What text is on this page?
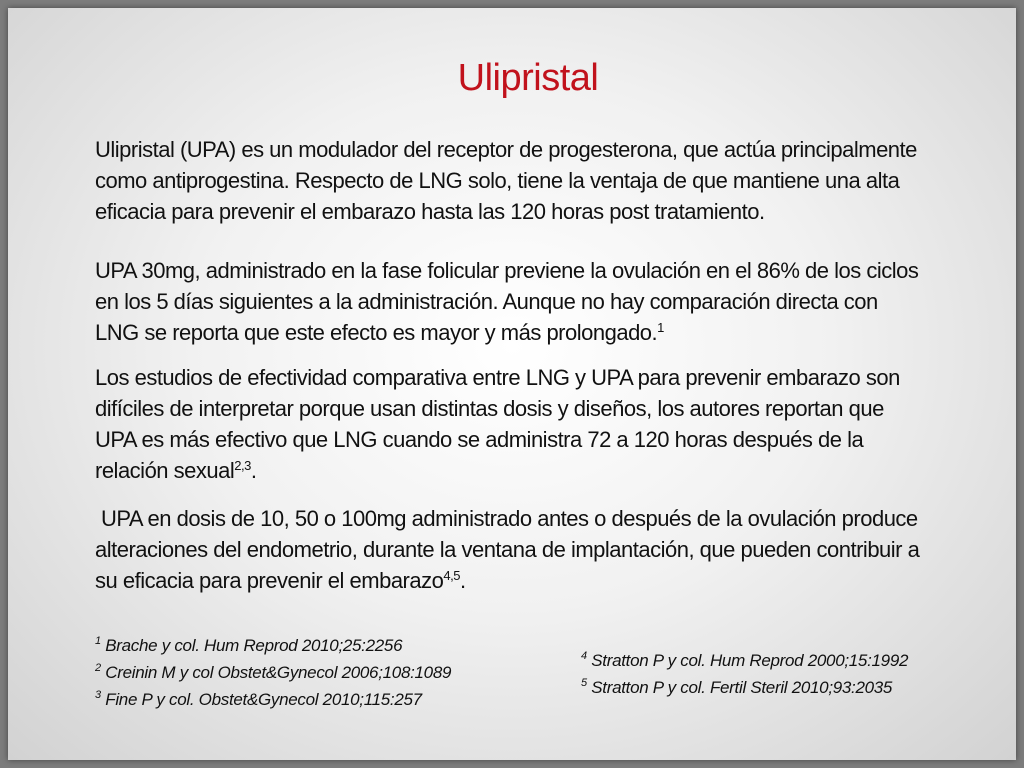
Ulipristal

Ulipristal (UPA) es un modulador del receptor de progesterona, que actúa principalmente
como antiprogestina. Respecto de LNG solo, tiene la ventaja de que mantiene una alta
eficacia para prevenir el embarazo hasta las 120 horas post tratamiento.

UPA 30mg, administrado en la fase folicular previene la ovulación en el 86% de los ciclos
en los 5 días siguientes a la administración. Aunque no hay comparación directa con
LNG se reporta que este efecto es mayor y más prolongado.$^1$

Los estudios de efectividad comparativa entre LNG y UPA para prevenir embarazo son
difíciles de interpretar porque usan distintas dosis y diseños, los autores reportan que
UPA es más efectivo que LNG cuando se administra 72 a 120 horas después de la
relación sexual$^{2,3}$.

UPA en dosis de 10, 50 o 100mg administrado antes o después de la ovulación produce
alteraciones del endometrio, durante la ventana de implantación, que pueden contribuir a
su eficacia para prevenir el embarazo$^{4,5}$.

$^1$ Brache y col. Hum Reprod 2010;25:2256
$^2$ Creinin M y col Obstet&Gynecol 2006;108:1089
$^3$ Fine P y col. Obstet&Gynecol 2010;115:257
$^4$ Stratton P y col. Hum Reprod 2000;15:1992
$^5$ Stratton P y col. Fertil Steril 2010;93:2035
